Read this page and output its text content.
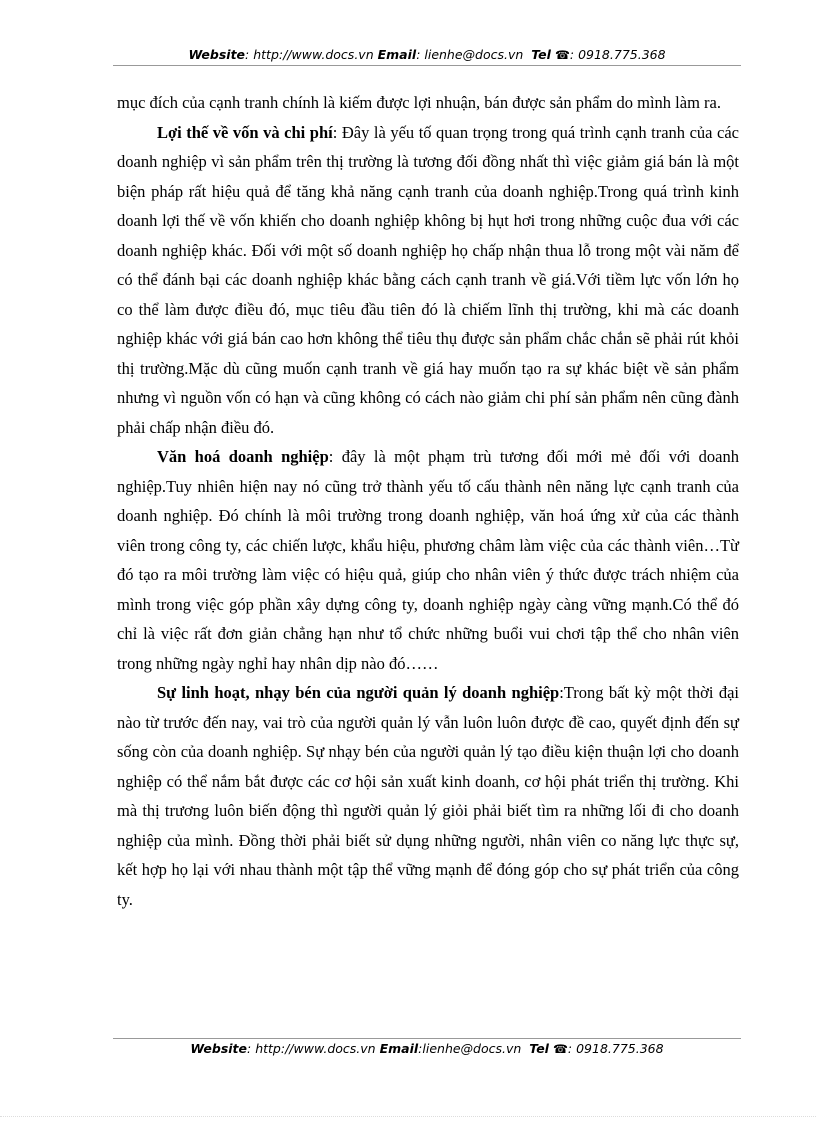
Website: http://www.docs.vn Email: lienhe@docs.vn Tel ☎: 0918.775.368

mục đích của cạnh tranh chính là kiếm được lợi nhuận, bán được sản phẩm do mình làm ra.

Lợi thế về vốn và chi phí: Đây là yếu tố quan trọng trong quá trình cạnh tranh của các doanh nghiệp vì sản phẩm trên thị trường là tương đối đồng nhất thì việc giảm giá bán là một biện pháp rất hiệu quả để tăng khả năng cạnh tranh của doanh nghiệp.Trong quá trình kinh doanh lợi thế về vốn khiến cho doanh nghiệp không bị hụt hơi trong những cuộc đua với các doanh nghiệp khác. Đối với một số doanh nghiệp họ chấp nhận thua lỗ trong một vài năm để có thể đánh bại các doanh nghiệp khác bằng cách cạnh tranh về giá.Với tiềm lực vốn lớn họ co thể làm được điều đó, mục tiêu đầu tiên đó là chiếm lĩnh thị trường, khi mà các doanh nghiệp khác với giá bán cao hơn không thể tiêu thụ được sản phẩm chắc chắn sẽ phải rút khỏi thị trường.Mặc dù cũng muốn cạnh tranh về giá hay muốn tạo ra sự khác biệt về sản phẩm nhưng vì nguồn vốn có hạn và cũng không có cách nào giảm chi phí sản phẩm nên cũng đành phải chấp nhận điều đó.

Văn hoá doanh nghiệp: đây là một phạm trù tương đối mới mẻ đối với doanh nghiệp.Tuy nhiên hiện nay nó cũng trở thành yếu tố cấu thành nên năng lực cạnh tranh của doanh nghiệp. Đó chính là môi trường trong doanh nghiệp, văn hoá ứng xử của các thành viên trong công ty, các chiến lược, khẩu hiệu, phương châm làm việc của các thành viên…Từ đó tạo ra môi trường làm việc có hiệu quả, giúp cho nhân viên ý thức được trách nhiệm của mình trong việc góp phần xây dựng công ty, doanh nghiệp ngày càng vững mạnh.Có thể đó chỉ là việc rất đơn giản chẳng hạn như tổ chức những buổi vui chơi tập thể cho nhân viên trong những ngày nghỉ hay nhân dịp nào đó……

Sự linh hoạt, nhạy bén của người quản lý doanh nghiệp:Trong bất kỳ một thời đại nào từ trước đến nay, vai trò của người quản lý vẫn luôn luôn được đề cao, quyết định đến sự sống còn của doanh nghiệp. Sự nhạy bén của người quản lý tạo điều kiện thuận lợi cho doanh nghiệp có thể nắm bắt được các cơ hội sản xuất kinh doanh, cơ hội phát triển thị trường. Khi mà thị trương luôn biến động thì người quản lý giỏi phải biết tìm ra những lối đi cho doanh nghiệp của mình. Đồng thời phải biết sử dụng những người, nhân viên co năng lực thực sự, kết hợp họ lại với nhau thành một tập thể vững mạnh để đóng góp cho sự phát triển của công ty.

Website: http://www.docs.vn Email:lienhe@docs.vn Tel ☎: 0918.775.368
